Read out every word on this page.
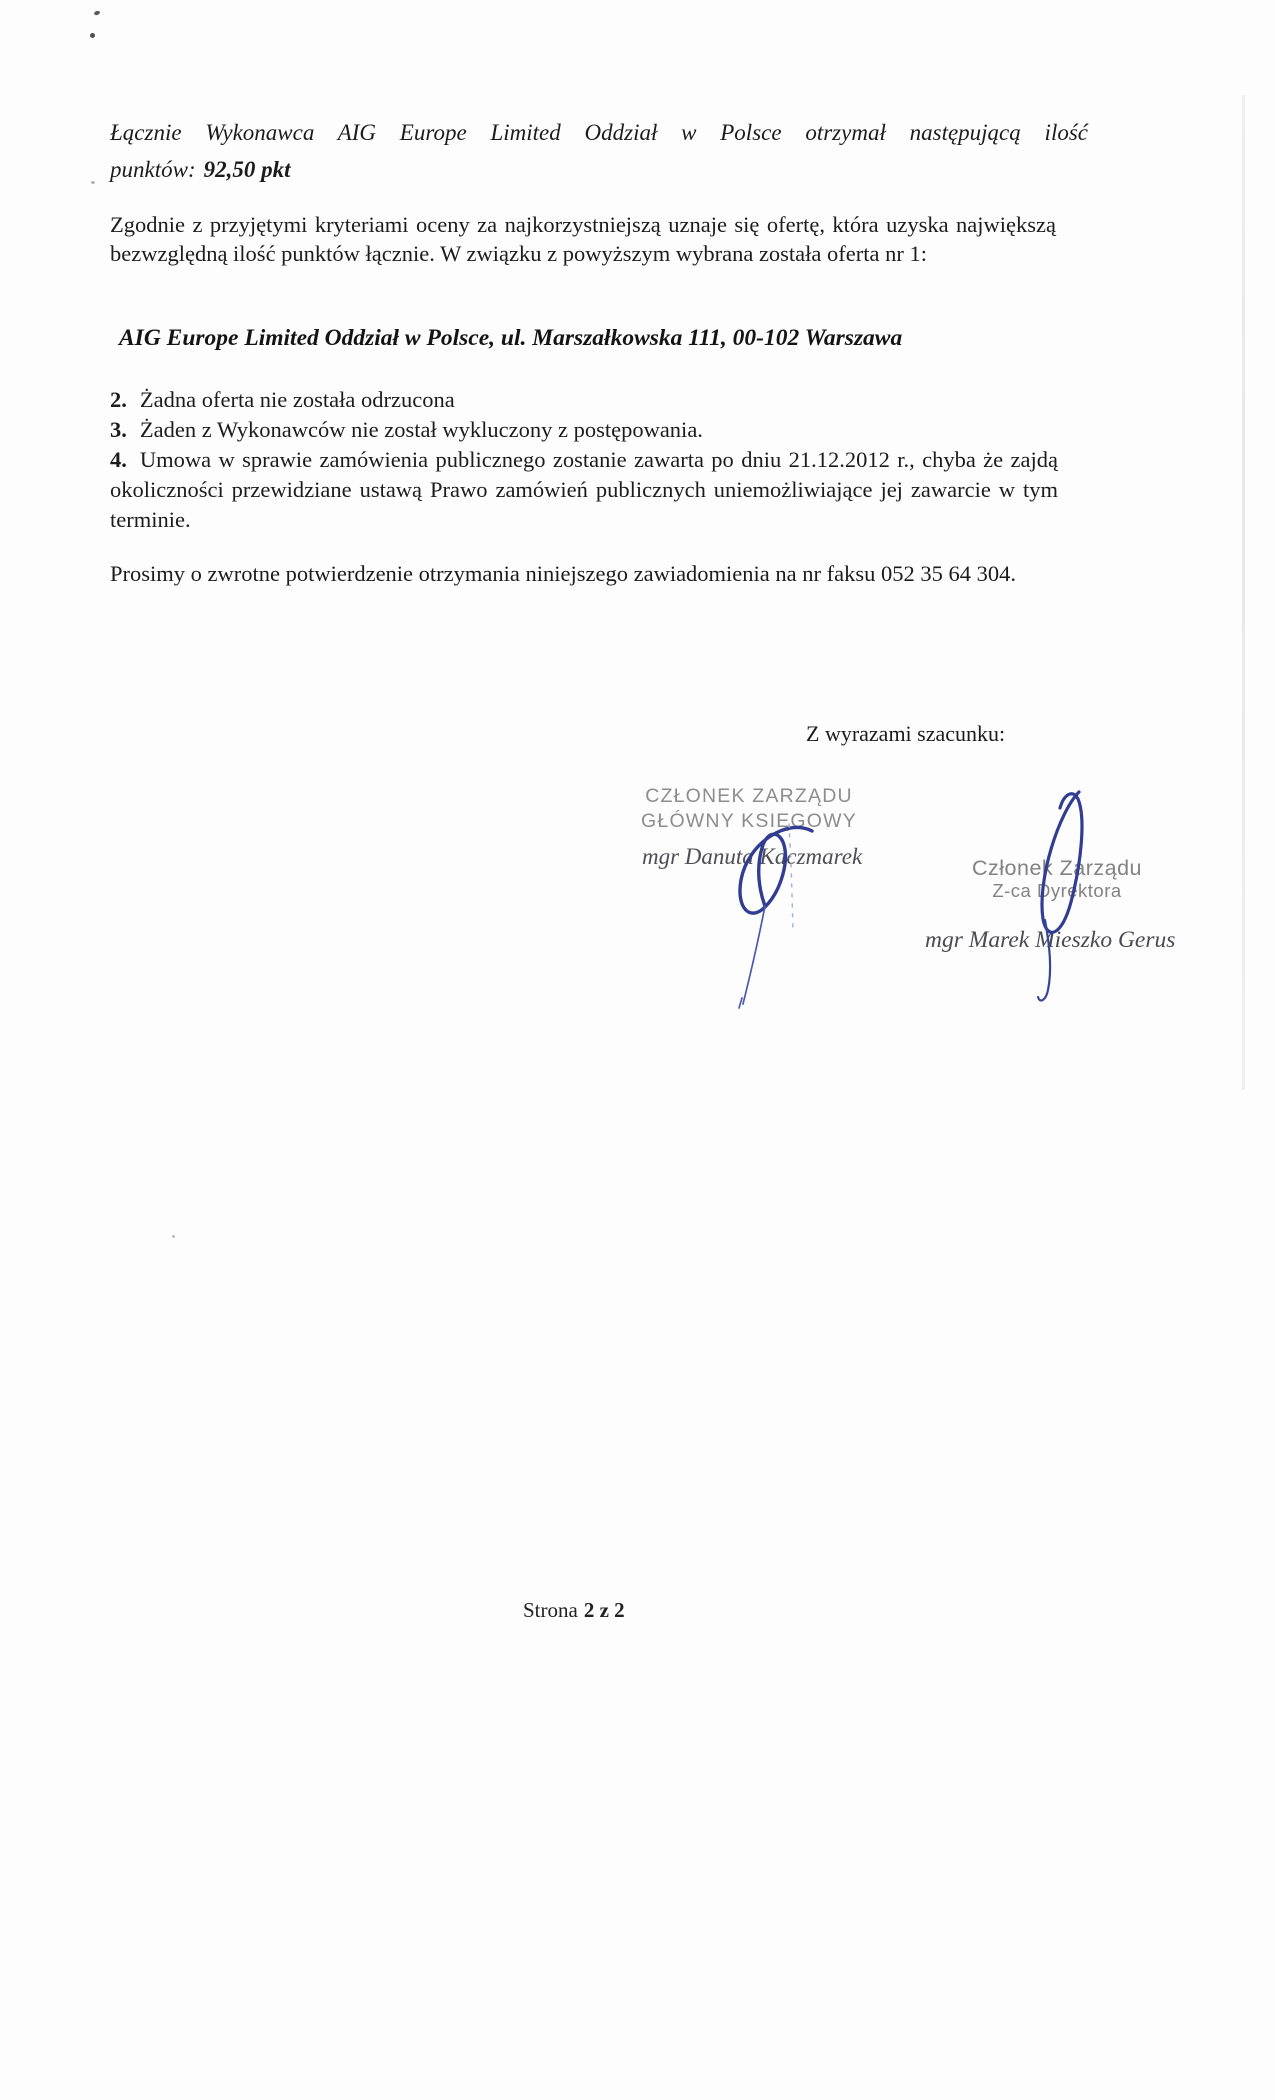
Łącznie Wykonawca AIG Europe Limited Oddział w Polsce otrzymał następującą ilość
punktów: 92,50 pkt

Zgodnie z przyjętymi kryteriami oceny za najkorzystniejszą uznaje się ofertę, która uzyska największą bezwzględną ilość punktów łącznie. W związku z powyższym wybrana została oferta nr 1:

AIG Europe Limited Oddział w Polsce, ul. Marszałkowska 111, 00-102 Warszawa

2. Żadna oferta nie została odrzucona

3. Żaden z Wykonawców nie został wykluczony z postępowania.

4. Umowa w sprawie zamówienia publicznego zostanie zawarta po dniu 21.12.2012 r., chyba że zajdą okoliczności przewidziane ustawą Prawo zamówień publicznych uniemożliwiające jej zawarcie w tym terminie.

Prosimy o zwrotne potwierdzenie otrzymania niniejszego zawiadomienia na nr faksu 052 35 64 304.

Z wyrazami szacunku:

CZŁONEK ZARZĄDU
GŁÓWNY KSIĘGOWY

mgr Danuta Kaczmarek	Członek Zarządu
Z-ca Dyrektora

mgr Marek Mieszko Gerus

Strona 2 z 2
